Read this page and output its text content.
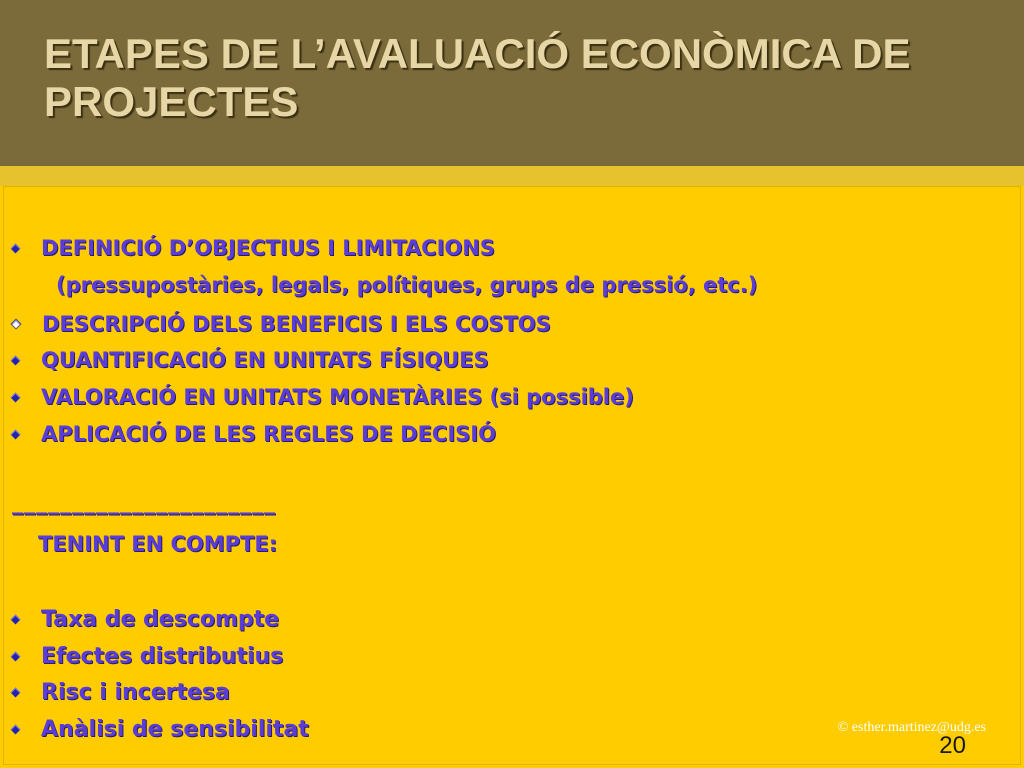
ETAPES DE L’AVALUACIÓ ECONÒMICA DE PROJECTES
DEFINICIÓ D’OBJECTIUS I LIMITACIONS
(pressupostàries, legals, polítiques, grups de pressió, etc.)
DESCRIPCIÓ DELS BENEFICIS I ELS COSTOS
QUANTIFICACIÓ EN UNITATS FÍSIQUES
VALORACIÓ EN UNITATS MONETÀRIES (si possible)
APLICACIÓ DE LES REGLES DE DECISIÓ
______________________
TENINT EN COMPTE:
Taxa de descompte
Efectes distributius
Risc i incertesa
Anàlisi de sensibilitat	© esther.martinez@udg.es
20
